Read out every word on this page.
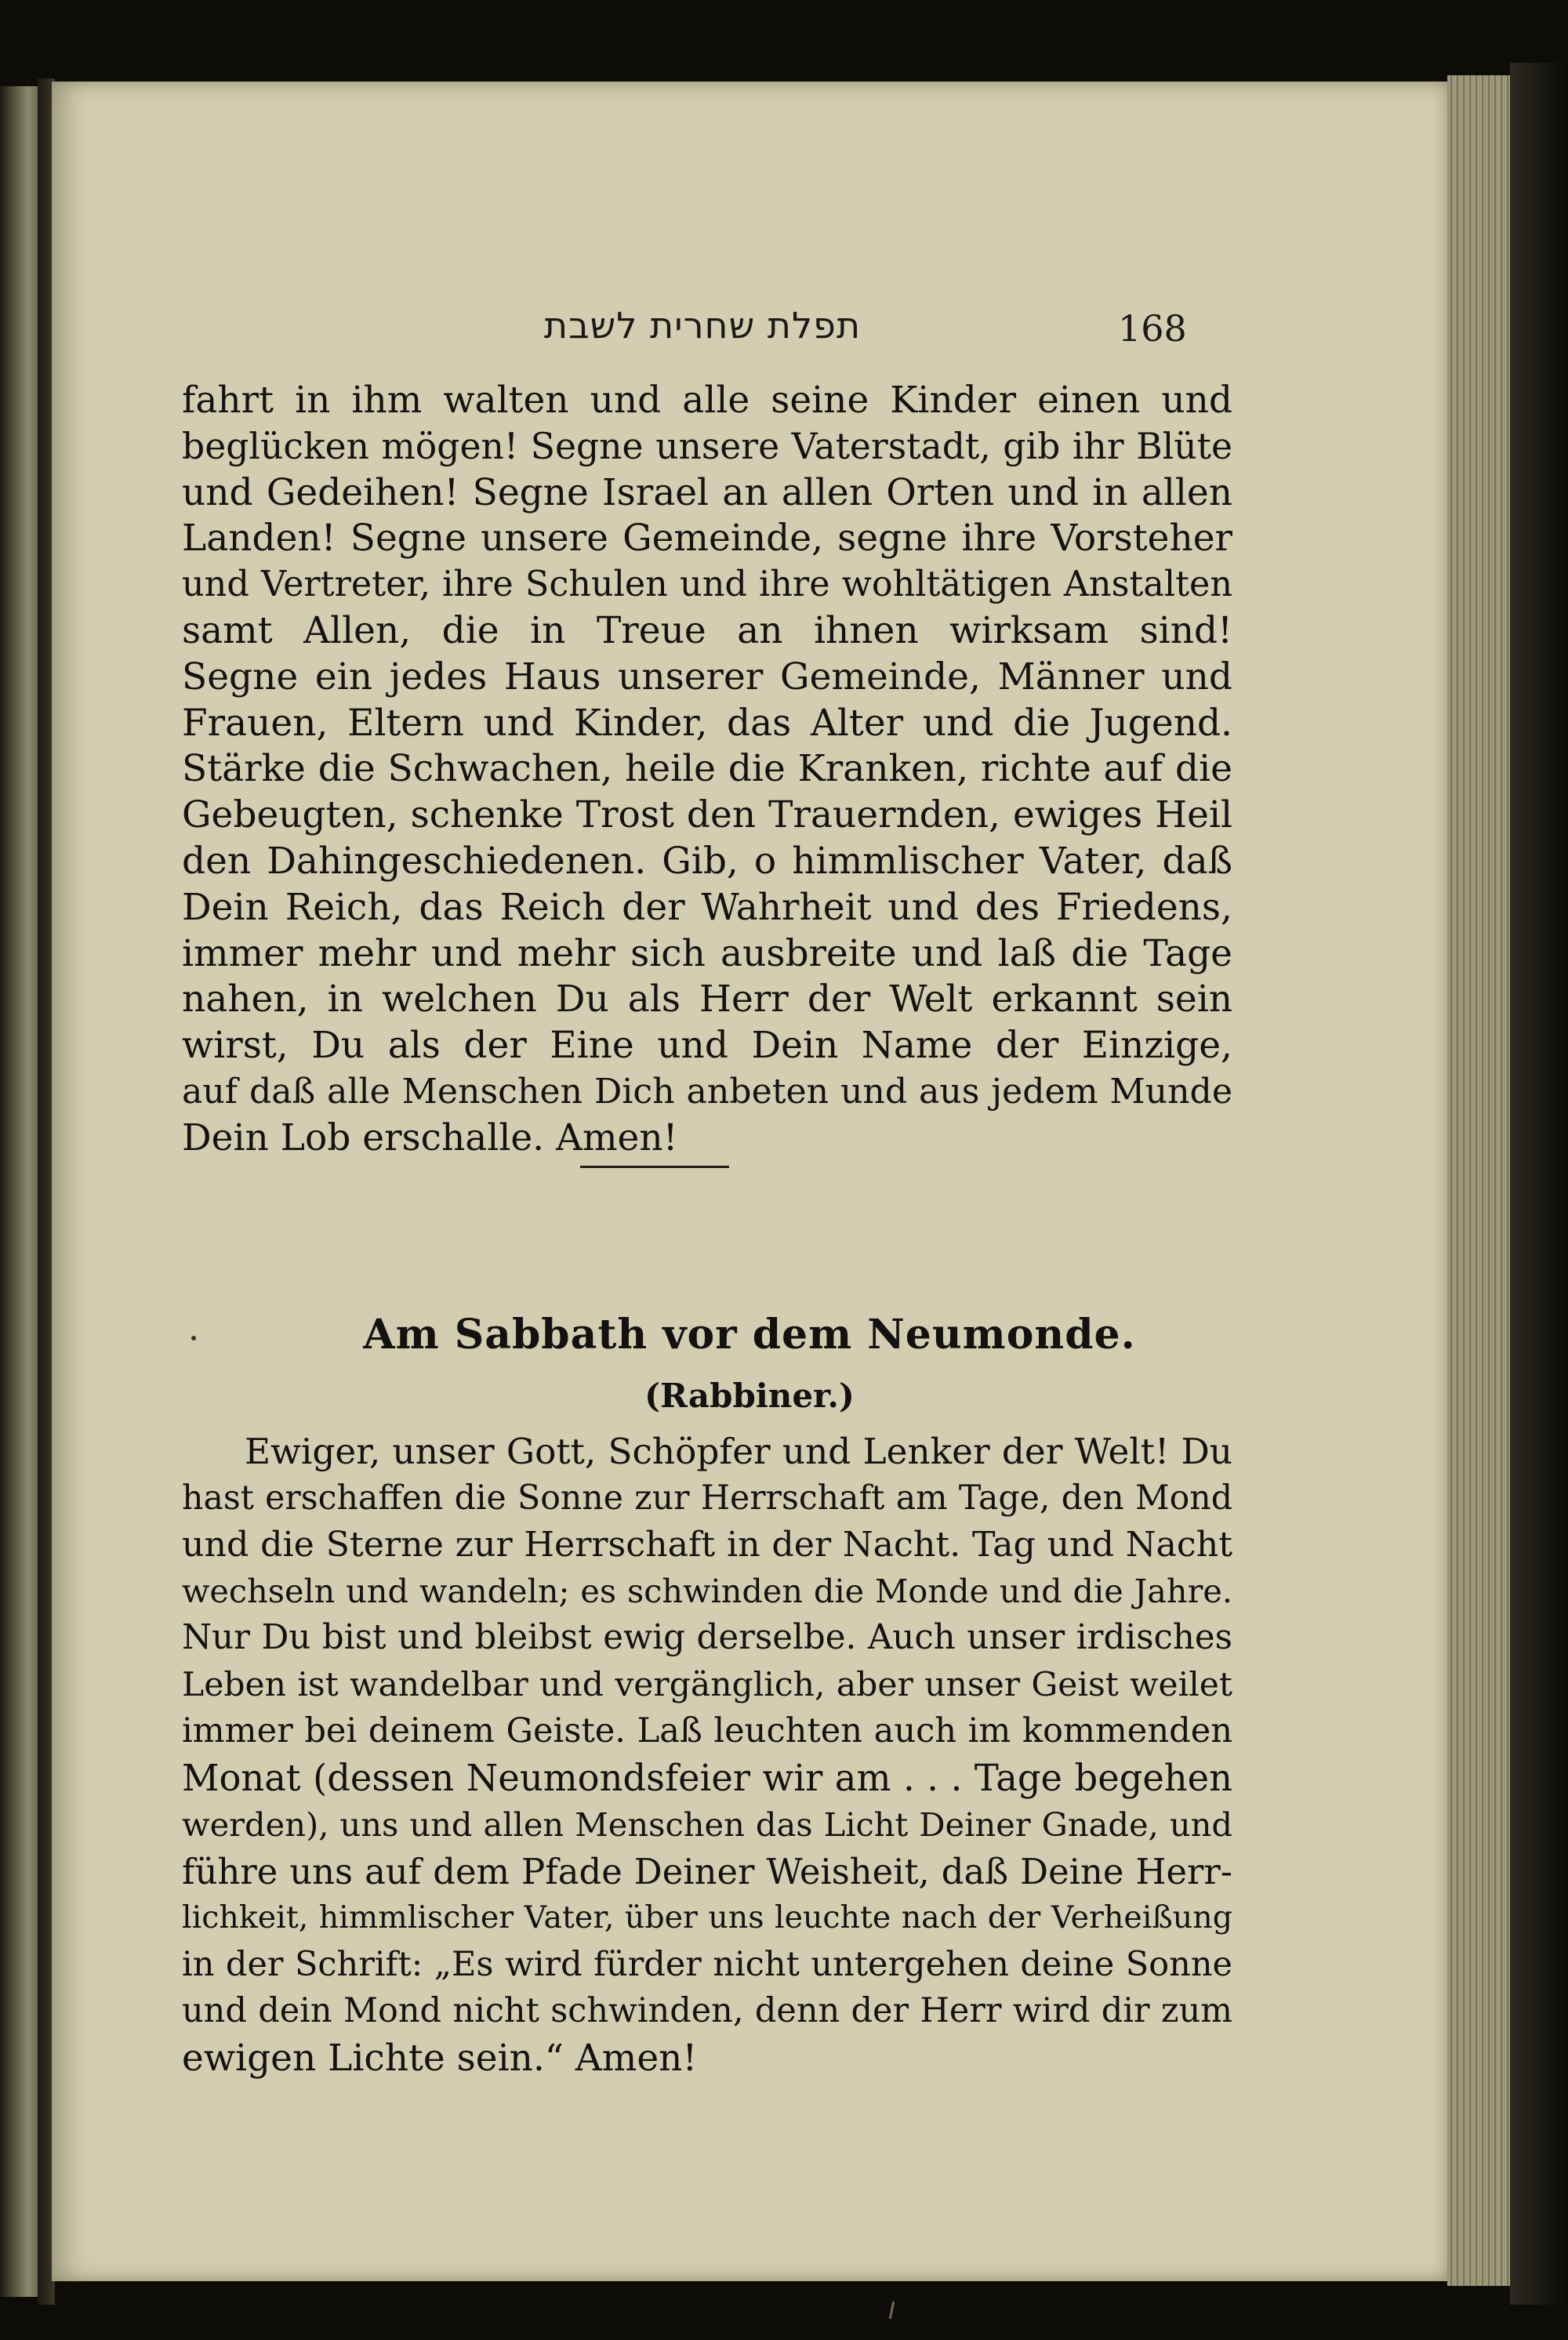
תפלת שחרית לשבת	168

fahrt in ihm walten und alle seine Kinder einen und
beglücken mögen! Segne unsere Vaterstadt, gib ihr Blüte
und Gedeihen! Segne Israel an allen Orten und in allen
Landen! Segne unsere Gemeinde, segne ihre Vorsteher
und Vertreter, ihre Schulen und ihre wohltätigen Anstalten
samt Allen, die in Treue an ihnen wirksam sind!
Segne ein jedes Haus unserer Gemeinde, Männer und
Frauen, Eltern und Kinder, das Alter und die Jugend.
Stärke die Schwachen, heile die Kranken, richte auf die
Gebeugten, schenke Trost den Trauernden, ewiges Heil
den Dahingeschiedenen. Gib, o himmlischer Vater, daß
Dein Reich, das Reich der Wahrheit und des Friedens,
immer mehr und mehr sich ausbreite und laß die Tage
nahen, in welchen Du als Herr der Welt erkannt sein
wirst, Du als der Eine und Dein Name der Einzige,
auf daß alle Menschen Dich anbeten und aus jedem Munde
Dein Lob erschalle. Amen!

Am Sabbath vor dem Neumonde.
(Rabbiner.)

Ewiger, unser Gott, Schöpfer und Lenker der Welt! Du
hast erschaffen die Sonne zur Herrschaft am Tage, den Mond
und die Sterne zur Herrschaft in der Nacht. Tag und Nacht
wechseln und wandeln; es schwinden die Monde und die Jahre.
Nur Du bist und bleibst ewig derselbe. Auch unser irdisches
Leben ist wandelbar und vergänglich, aber unser Geist weilet
immer bei deinem Geiste. Laß leuchten auch im kommenden
Monat (dessen Neumondsfeier wir am . . . Tage begehen
werden), uns und allen Menschen das Licht Deiner Gnade, und
führe uns auf dem Pfade Deiner Weisheit, daß Deine Herr-
lichkeit, himmlischer Vater, über uns leuchte nach der Verheißung
in der Schrift: „Es wird fürder nicht untergehen deine Sonne
und dein Mond nicht schwinden, denn der Herr wird dir zum
ewigen Lichte sein.“ Amen!
